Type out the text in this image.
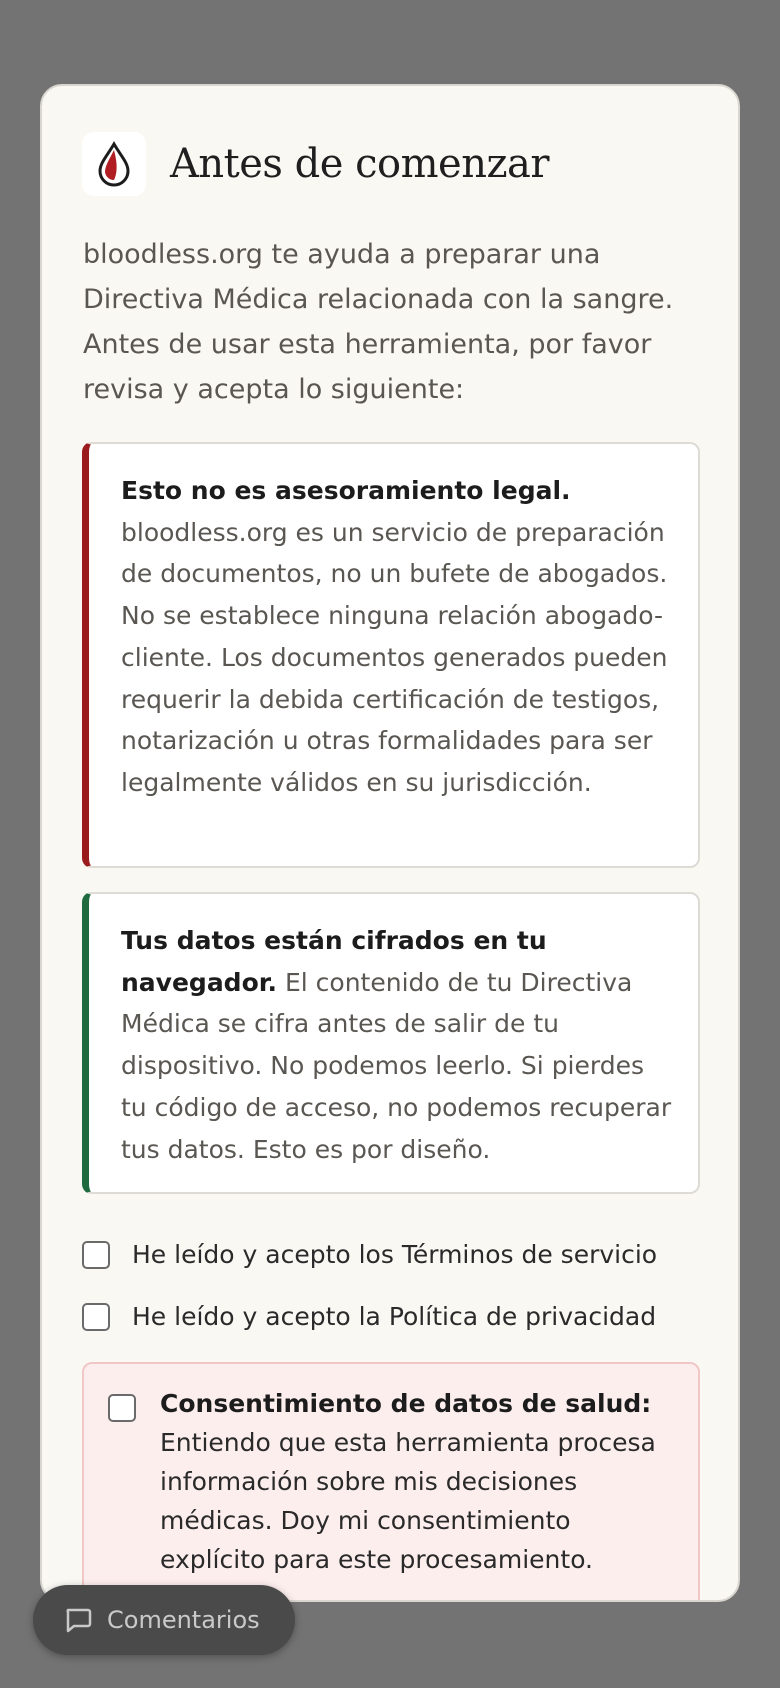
Antes de comenzar
bloodless.org te ayuda a preparar una Directiva Médica relacionada con la sangre. Antes de usar esta herramienta, por favor revisa y acepta lo siguiente:
Esto no es asesoramiento legal. bloodless.org es un servicio de preparación de documentos, no un bufete de abogados. No se establece ninguna relación abogado-cliente. Los documentos generados pueden requerir la debida certificación de testigos, notarización u otras formalidades para ser legalmente válidos en su jurisdicción.
Tus datos están cifrados en tu navegador. El contenido de tu Directiva Médica se cifra antes de salir de tu dispositivo. No podemos leerlo. Si pierdes tu código de acceso, no podemos recuperar tus datos. Esto es por diseño.
He leído y acepto los Términos de servicio
He leído y acepto la Política de privacidad
Consentimiento de datos de salud: Entiendo que esta herramienta procesa información sobre mis decisiones médicas. Doy mi consentimiento explícito para este procesamiento.
Comentarios
